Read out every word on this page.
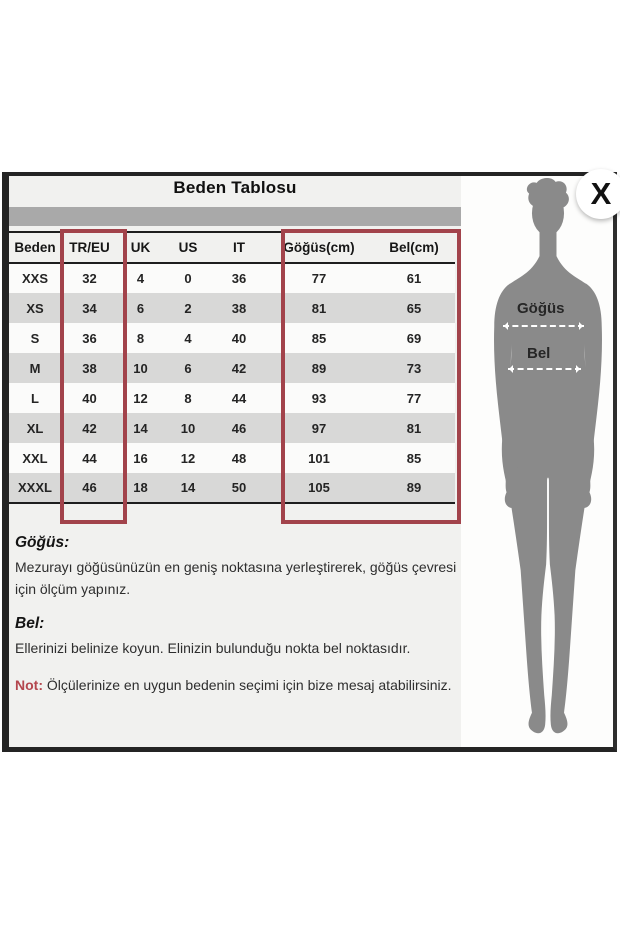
Beden Tablosu
Beden	TR/EU	UK	US	IT	Göğüs(cm)	Bel(cm)
XXS	32	4	0	36	77	61
XS	34	6	2	38	81	65
S	36	8	4	40	85	69
M	38	10	6	42	89	73
L	40	12	8	44	93	77
XL	42	14	10	46	97	81
XXL	44	16	12	48	101	85
XXXL	46	18	14	50	105	89

Göğüs:

Mezurayı göğüsünüzün en geniş noktasına yerleştirerek, göğüs çevresi için ölçüm yapınız.

Bel:

Ellerinizi belinize koyun. Elinizin bulunduğu nokta bel noktasıdır.

Not: Ölçülerinize en uygun bedenin seçimi için bize mesaj atabilirsiniz.

Göğüs
Bel
X
